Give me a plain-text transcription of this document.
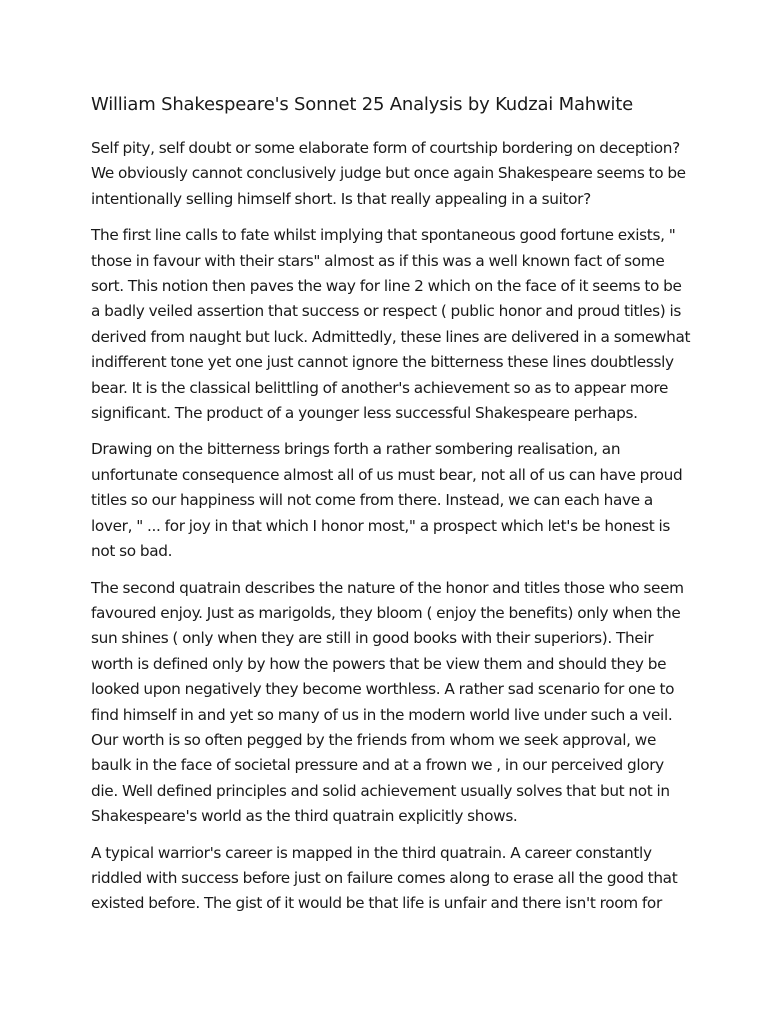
William Shakespeare's Sonnet 25 Analysis by Kudzai Mahwite
Self pity, self doubt or some elaborate form of courtship bordering on deception?
We obviously cannot conclusively judge but once again Shakespeare seems to be
intentionally selling himself short. Is that really appealing in a suitor?
The first line calls to fate whilst implying that spontaneous good fortune exists, "
those in favour with their stars" almost as if this was a well known fact of some
sort. This notion then paves the way for line 2 which on the face of it seems to be
a badly veiled assertion that success or respect ( public honor and proud titles) is
derived from naught but luck. Admittedly, these lines are delivered in a somewhat
indifferent tone yet one just cannot ignore the bitterness these lines doubtlessly
bear. It is the classical belittling of another's achievement so as to appear more
significant. The product of a younger less successful Shakespeare perhaps.
Drawing on the bitterness brings forth a rather sombering realisation, an
unfortunate consequence almost all of us must bear, not all of us can have proud
titles so our happiness will not come from there. Instead, we can each have a
lover, " ... for joy in that which I honor most," a prospect which let's be honest is
not so bad.
The second quatrain describes the nature of the honor and titles those who seem
favoured enjoy. Just as marigolds, they bloom ( enjoy the benefits) only when the
sun shines ( only when they are still in good books with their superiors). Their
worth is defined only by how the powers that be view them and should they be
looked upon negatively they become worthless. A rather sad scenario for one to
find himself in and yet so many of us in the modern world live under such a veil.
Our worth is so often pegged by the friends from whom we seek approval, we
baulk in the face of societal pressure and at a frown we , in our perceived glory
die. Well defined principles and solid achievement usually solves that but not in
Shakespeare's world as the third quatrain explicitly shows.
A typical warrior's career is mapped in the third quatrain. A career constantly
riddled with success before just on failure comes along to erase all the good that
existed before. The gist of it would be that life is unfair and there isn't room for
